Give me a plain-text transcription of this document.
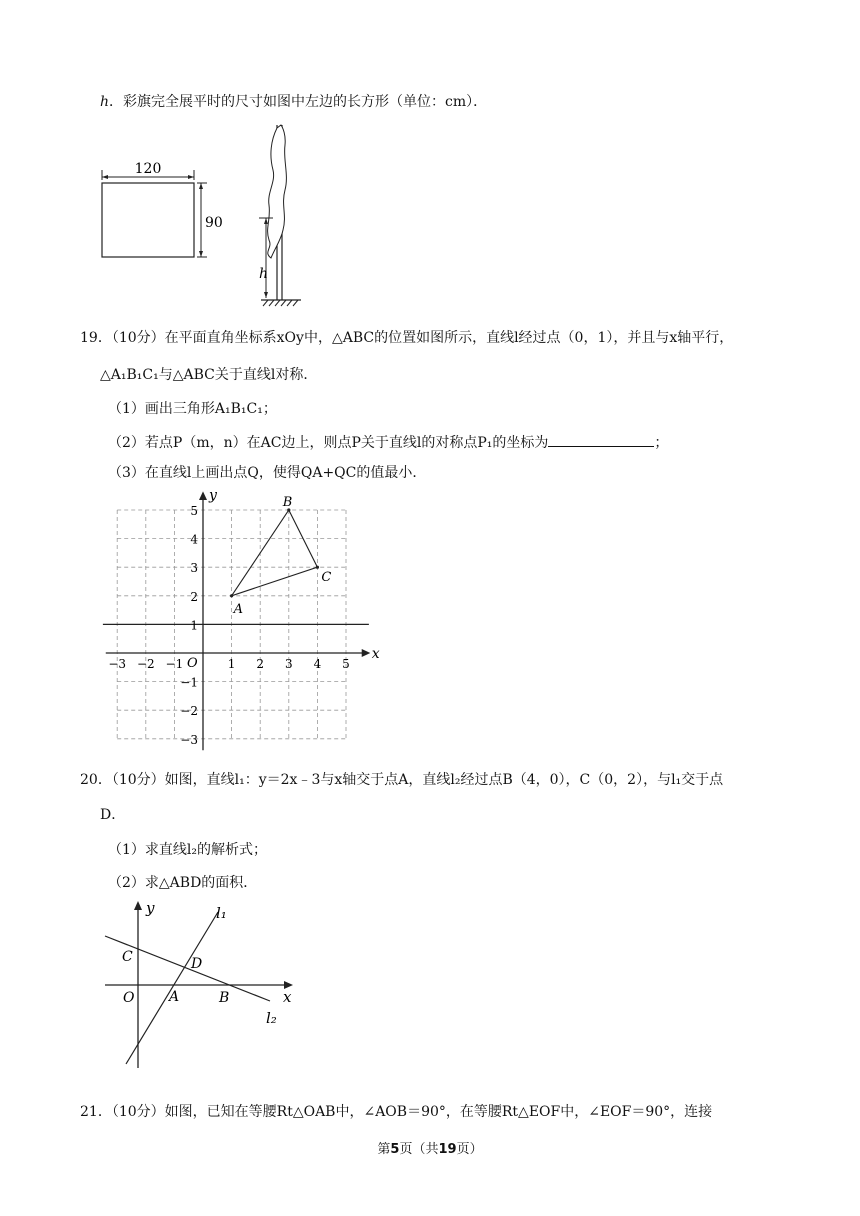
h．彩旗完全展平时的尺寸如图中左边的长方形（单位：cm）．
120
90
h
19．（10分）在平面直角坐标系xOy中，△ABC的位置如图所示，直线l经过点（0，1），并且与x轴平行，
△A₁B₁C₁与△ABC关于直线l对称．
（1）画出三角形A₁B₁C₁；
（2）若点P（m，n）在AC边上，则点P关于直线l的对称点P₁的坐标为	；
（3）在直线l上画出点Q，使得QA+QC的值最小．
x
y
O
−3 −2 −1	1 2 3 4 5
5
4
3
2
1
−1
−2
−3
A
B
C
20．（10分）如图，直线l₁：y＝2x﹣3与x轴交于点A，直线l₂经过点B（4，0），C（0，2），与l₁交于点
D．
（1）求直线l₂的解析式；
（2）求△ABD的面积．
x
y	l₁
l₂
O A	B
C	D
21．（10分）如图，已知在等腰Rt△OAB中，∠AOB＝90°，在等腰Rt△EOF中，∠EOF＝90°，连接
第5页（共19页）
